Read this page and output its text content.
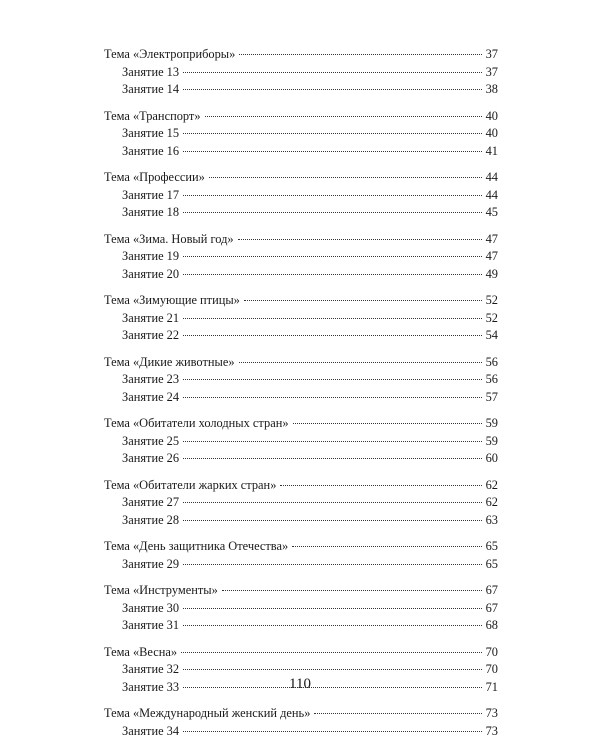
Тема «Электроприборы»	37
Занятие 13	37
Занятие 14	38
Тема «Транспорт»	40
Занятие 15	40
Занятие 16	41
Тема «Профессии»	44
Занятие 17	44
Занятие 18	45
Тема «Зима. Новый год»	47
Занятие 19	47
Занятие 20	49
Тема «Зимующие птицы»	52
Занятие 21	52
Занятие 22	54
Тема «Дикие животные»	56
Занятие 23	56
Занятие 24	57
Тема «Обитатели холодных стран»	59
Занятие 25	59
Занятие 26	60
Тема «Обитатели жарких стран»	62
Занятие 27	62
Занятие 28	63
Тема «День защитника Отечества»	65
Занятие 29	65
Тема «Инструменты»	67
Занятие 30	67
Занятие 31	68
Тема «Весна»	70
Занятие 32	70
Занятие 33	71
Тема «Международный женский день»	73
Занятие 34	73
110
